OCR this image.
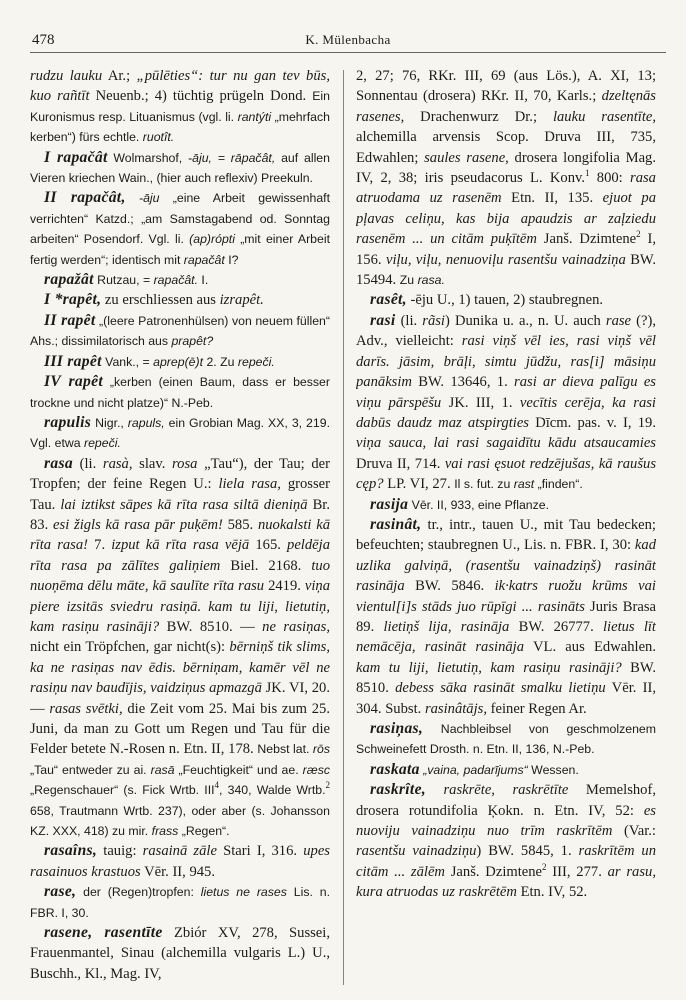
478	K. Mülenbacha

rudzu lauku Ar.; „pūlēties“: tur nu gan tev būs, kuo rañtīt Neuenb.; 4) tüchtig prügeln Dond. Ein Kuronismus resp. Lituanismus (vgl. li. rantýti „mehrfach kerben“) fürs echtle. ruotît.

I rapačât Wolmarshof, -āju, = rāpačât, auf allen Vieren kriechen Wain., (hier auch reflexiv) Preekuln.

II rapačât, -āju „eine Arbeit gewissenhaft verrichten“ Katzd.; „am Samstagabend od. Sonntag arbeiten“ Posendorf. Vgl. li. (ap)rópti „mit einer Arbeit fertig werden“; identisch mit rapačât I?

rapažât Rutzau, = rapačât. I.

I *rapêt, zu erschliessen aus izrapêt.

II rapêt „(leere Patronenhülsen) von neuem füllen“ Ahs.; dissimilatorisch aus prapêt?

III rapêt Vank., = aprep(ē)t 2. Zu repeči.

IV rapêt „kerben (einen Baum, dass er besser trockne und nicht platze)“ N.-Peb.

rapulis Nigr., rapuls, ein Grobian Mag. XX, 3, 219. Vgl. etwa repeči.

rasa (li. rasà, slav. rosa „Tau“), der Tau; der Tropfen; der feine Regen U.: liela rasa, grosser Tau. lai iztikst sāpes kā rīta rasa siltā dieniņā Br. 83. esi žigls kā rasa pār puķēm! 585. nuokalsti kā rīta rasa! 7. izput kā rīta rasa vējā 165. peldēja rīta rasa pa zālītes galiņiem Biel. 2168. tuo nuoņēma dēlu māte, kā saulīte rīta rasu 2419. viņa piere izsitās sviedru rasiņā. kam tu liji, lietutiņ, kam rasiņu rasināji? BW. 8510. — ne rasiņas, nicht ein Tröpfchen, gar nicht(s): bērniņš tik slims, ka ne rasiņas nav ēdis. bērniņam, kamēr vēl ne rasiņu nav baudījis, vaidziņus apmazgā JK. VI, 20. — rasas svētki, die Zeit vom 25. Mai bis zum 25. Juni, da man zu Gott um Regen und Tau für die Felder betete N.-Rosen n. Etn. II, 178. Nebst lat. rōs „Tau“ entweder zu ai. rasā „Feuchtigkeit“ und ae. ræsc „Regenschauer“ (s. Fick Wrtb. III$^4$, 340, Walde Wrtb.$^2$ 658, Trautmann Wrtb. 237), oder aber (s. Johansson KZ. XXX, 418) zu mir. frass „Regen“.

rasaîns, tauig: rasainā zāle Stari I, 316. upes rasainuos krastuos Vēr. II, 945.

rase, der (Regen)tropfen: lietus ne rases Lis. n. FBR. I, 30.

rasene, rasentīte Zbiór XV, 278, Sussei, Frauenmantel, Sinau (alchemilla vulgaris L.) U., Buschh., Kl., Mag. IV,

2, 27; 76, RKr. III, 69 (aus Lös.), A. XI, 13; Sonnentau (drosera) RKr. II, 70, Karls.; dzeltęnās rasenes, Drachenwurz Dr.; lauku rasentīte, alchemilla arvensis Scop. Druva III, 735, Edwahlen; saules rasene, drosera longifolia Mag. IV, 2, 38; iris pseudacorus L. Konv.$^1$ 800: rasa atruodama uz rasenēm Etn. II, 135. ejuot pa pļavas celiņu, kas bija apaudzis ar zaļziedu rasenēm ... un citām puķītēm Janš. Dzimtene$^2$ I, 156. viļu, viļu, nenuoviļu rasentšu vainadziņa BW. 15494. Zu rasa.

rasêt, -ēju U., 1) tauen, 2) staubregnen.

rasi (li. rãsi) Dunika u. a., n. U. auch rase (?), Adv., vielleicht: rasi viņš vēl ies, rasi viņš vēl darīs. jāsim, brāļi, simtu jūdžu, ras[i] māsiņu panāksim BW. 13646, 1. rasi ar dieva palīgu es viņu pārspēšu JK. III, 1. vecītis cerēja, ka rasi dabūs daudz maz atspirgties Dīcm. pas. v. I, 19. viņa sauca, lai rasi sagaidītu kādu atsaucamies Druva II, 714. vai rasi ęsuot redzējušas, kā raušus cęp? LP. VI, 27. Il s. fut. zu rast „finden“.

rasija Vēr. II, 933, eine Pflanze.

rasinât, tr., intr., tauen U., mit Tau bedecken; befeuchten; staubregnen U., Lis. n. FBR. I, 30: kad uzlika galviņā, (rasentšu vainadziņš) rasināt rasināja BW. 5846. ik·katrs ruožu krūms vai vientul[i]s stāds juo rūpīgi ... rasināts Juris Brasa 89. lietiņš lija, rasināja BW. 26777. lietus līt nemācēja, rasināt rasināja VL. aus Edwahlen. kam tu liji, lietutiņ, kam rasiņu rasināji? BW. 8510. debess sāka rasināt smalku lietiņu Vēr. II, 304. Subst. rasinâtājs, feiner Regen Ar.

rasiņas, Nachbleibsel von geschmolzenem Schweinefett Drosth. n. Etn. II, 136, N.-Peb.

raskata „vaina, padarījums“ Wessen.

raskrîte, raskrēte, raskrētīte Memelshof, drosera rotundifolia Ķokn. n. Etn. IV, 52: es nuoviju vainadziņu nuo trīm raskrītēm (Var.: rasentšu vainadziņu) BW. 5845, 1. raskrītēm un citām ... zālēm Janš. Dzimtene$^2$ III, 277. ar rasu, kura atruodas uz raskrētēm Etn. IV, 52.
